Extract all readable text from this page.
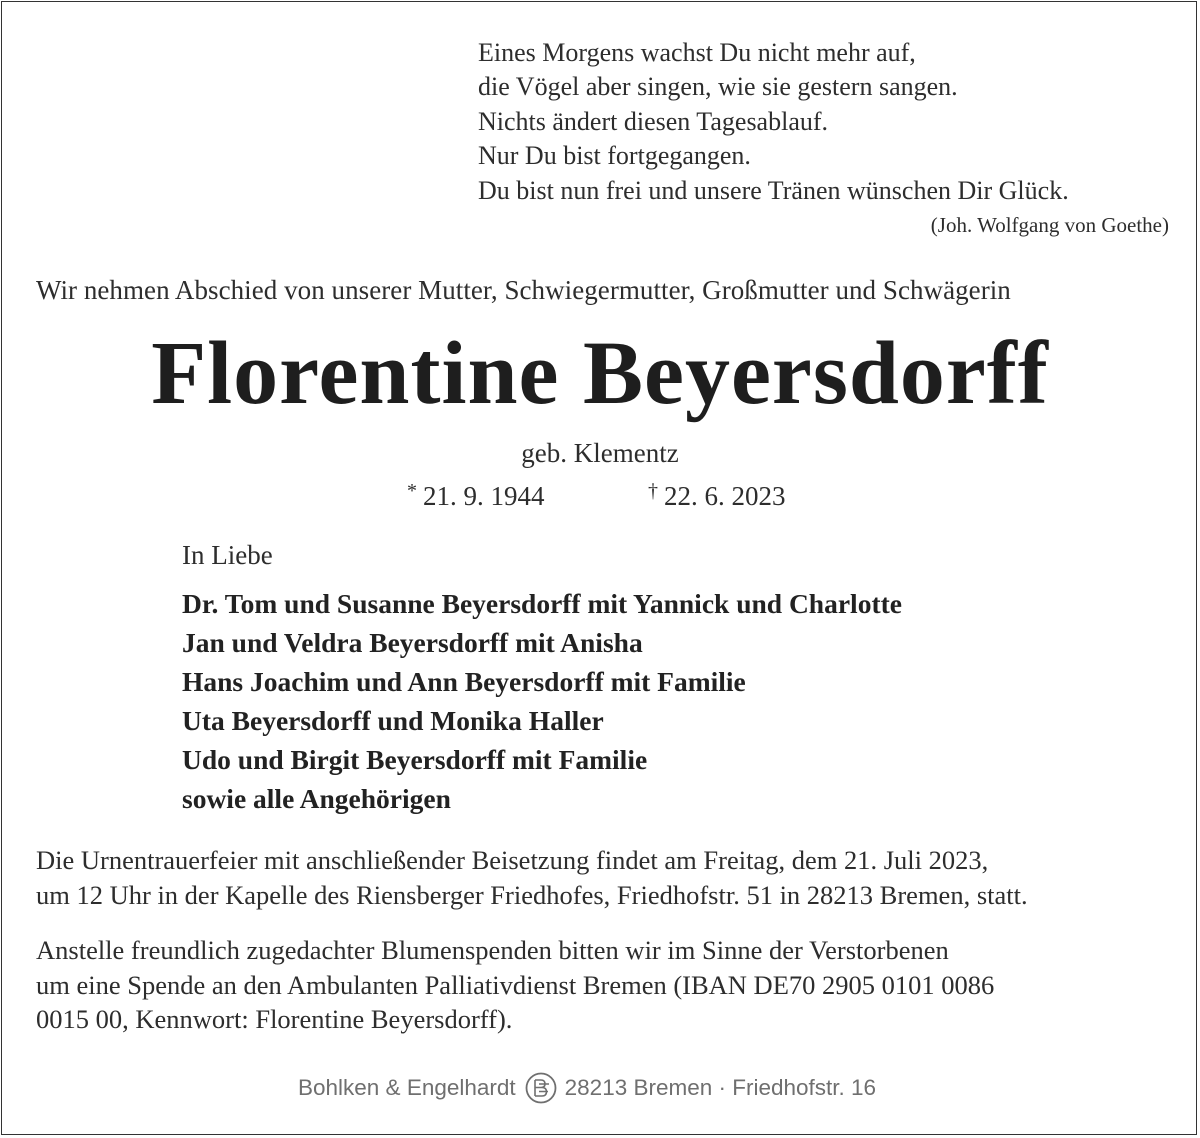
Eines Morgens wachst Du nicht mehr auf,
die Vögel aber singen, wie sie gestern sangen.
Nichts ändert diesen Tagesablauf.
Nur Du bist fortgegangen.
Du bist nun frei und unsere Tränen wünschen Dir Glück.
(Joh. Wolfgang von Goethe)
Wir nehmen Abschied von unserer Mutter, Schwiegermutter, Großmutter und Schwägerin
Florentine Beyersdorff
geb. Klementz
* 21. 9. 1944	† 22. 6. 2023
In Liebe
Dr. Tom und Susanne Beyersdorff mit Yannick und Charlotte
Jan und Veldra Beyersdorff mit Anisha
Hans Joachim und Ann Beyersdorff mit Familie
Uta Beyersdorff und Monika Haller
Udo und Birgit Beyersdorff mit Familie
sowie alle Angehörigen
Die Urnentrauerfeier mit anschließender Beisetzung findet am Freitag, dem 21. Juli 2023,
um 12 Uhr in der Kapelle des Riensberger Friedhofes, Friedhofstr. 51 in 28213 Bremen, statt.
Anstelle freundlich zugedachter Blumenspenden bitten wir im Sinne der Verstorbenen
um eine Spende an den Ambulanten Palliativdienst Bremen (IBAN DE70 2905 0101 0086
0015 00, Kennwort: Florentine Beyersdorff).
Bohlken & Engelhardt 28213 Bremen · Friedhofstr. 16
